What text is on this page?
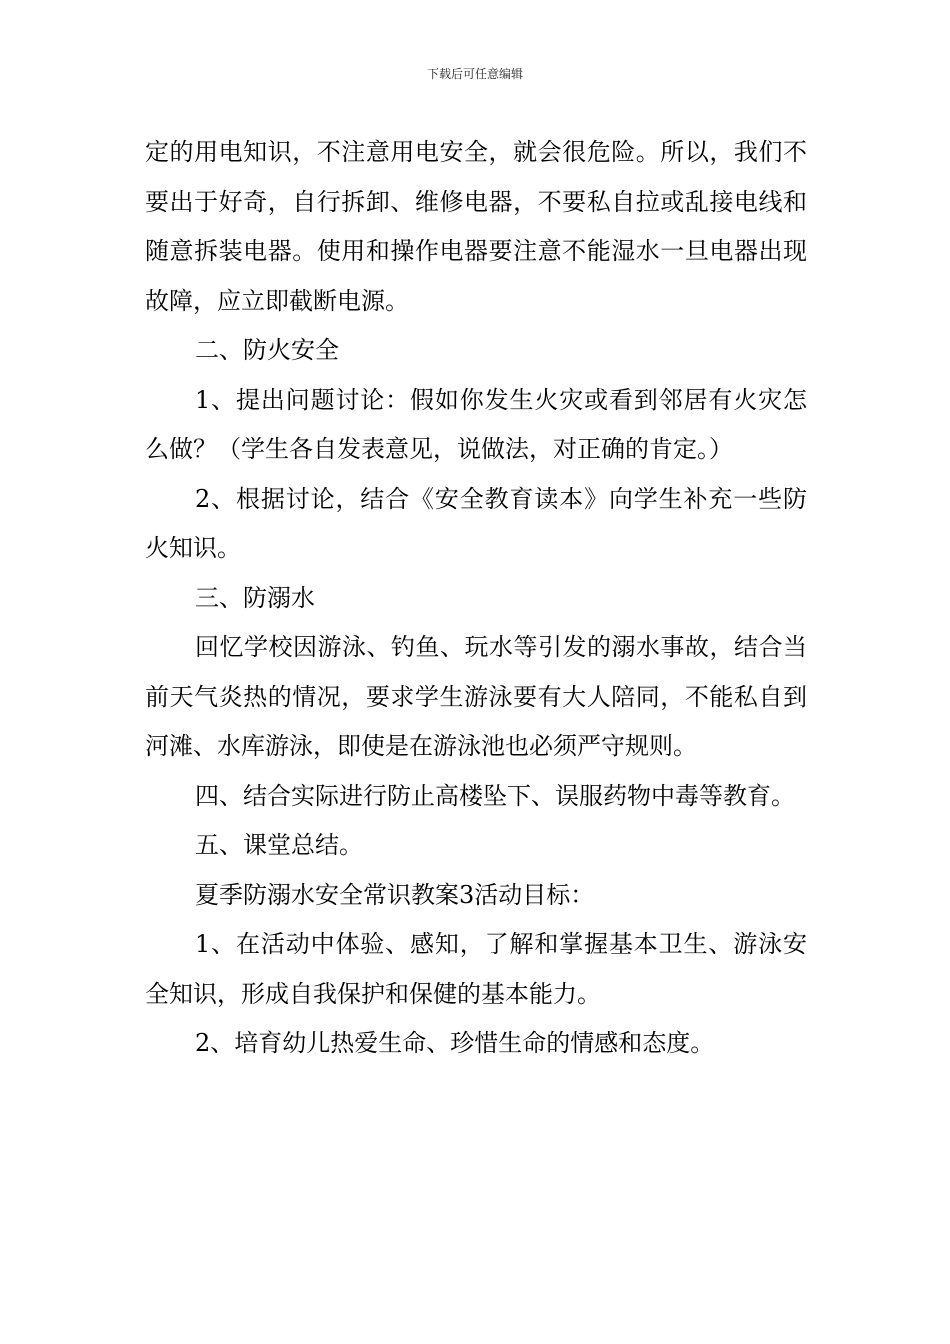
下载后可任意编辑

定的用电知识，不注意用电安全，就会很危险。所以，我们不要出于好奇，自行拆卸、维修电器，不要私自拉或乱接电线和随意拆装电器。使用和操作电器要注意不能湿水一旦电器出现故障，应立即截断电源。

二、防火安全

1、提出问题讨论：假如你发生火灾或看到邻居有火灾怎么做？（学生各自发表意见，说做法，对正确的肯定。）

2、根据讨论，结合《安全教育读本》向学生补充一些防火知识。

三、防溺水

回忆学校因游泳、钓鱼、玩水等引发的溺水事故，结合当前天气炎热的情况，要求学生游泳要有大人陪同，不能私自到河滩、水库游泳，即使是在游泳池也必须严守规则。

四、结合实际进行防止高楼坠下、误服药物中毒等教育。

五、课堂总结。

夏季防溺水安全常识教案3活动目标：

1、在活动中体验、感知，了解和掌握基本卫生、游泳安全知识，形成自我保护和保健的基本能力。

2、培育幼儿热爱生命、珍惜生命的情感和态度。
